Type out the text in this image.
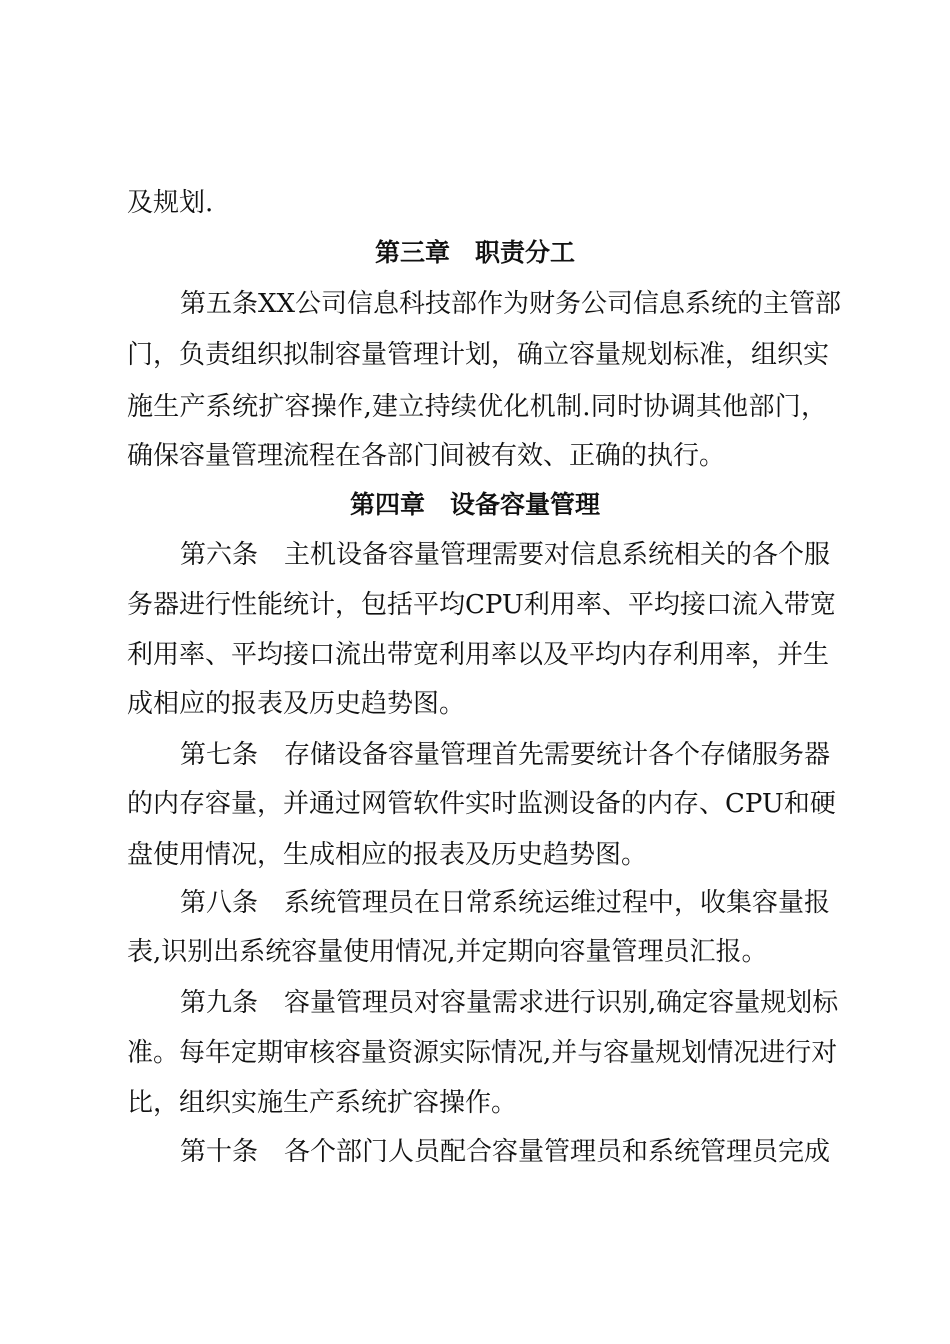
及规划.
第三章　职责分工
第五条XX公司信息科技部作为财务公司信息系统的主管部
门，负责组织拟制容量管理计划，确立容量规划标准，组织实
施生产系统扩容操作,建立持续优化机制.同时协调其他部门，
确保容量管理流程在各部门间被有效、正确的执行。
第四章　设备容量管理
第六条　主机设备容量管理需要对信息系统相关的各个服
务器进行性能统计，包括平均CPU利用率、平均接口流入带宽
利用率、平均接口流出带宽利用率以及平均内存利用率，并生
成相应的报表及历史趋势图。
第七条　存储设备容量管理首先需要统计各个存储服务器
的内存容量，并通过网管软件实时监测设备的内存、CPU和硬
盘使用情况，生成相应的报表及历史趋势图。
第八条　系统管理员在日常系统运维过程中，收集容量报
表,识别出系统容量使用情况,并定期向容量管理员汇报。
第九条　容量管理员对容量需求进行识别,确定容量规划标
准。每年定期审核容量资源实际情况,并与容量规划情况进行对
比，组织实施生产系统扩容操作。
第十条　各个部门人员配合容量管理员和系统管理员完成
